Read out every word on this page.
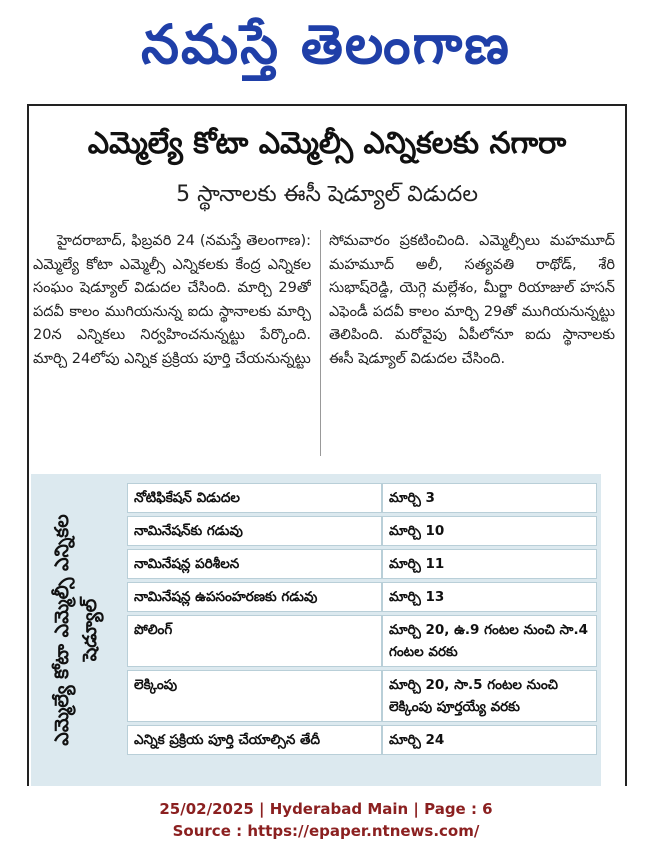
నమస్తే తెలంగాణ
ఎమ్మెల్యే కోటా ఎమ్మెల్సీ ఎన్నికలకు నగారా
5 స్థానాలకు ఈసీ షెడ్యూల్ విడుదల
హైదరాబాద్, ఫిబ్రవరి 24 (నమస్తే తెలంగాణ): ఎమ్మెల్యే కోటా ఎమ్మెల్సీ ఎన్నికలకు కేంద్ర ఎన్నికల సంఘం షెడ్యూల్ విడుదల చేసింది. మార్చి 29తో పదవీ కాలం ముగియనున్న ఐదు స్థానాలకు మార్చి 20న ఎన్నికలు నిర్వహించనున్నట్టు పేర్కొంది. మార్చి 24లోపు ఎన్నిక ప్రక్రియ పూర్తి చేయనున్నట్టు
సోమవారం ప్రకటించింది. ఎమ్మెల్సీలు మహమూద్ మహమూద్ అలీ, సత్యవతి రాథోడ్, శేరి సుభాష్‌రెడ్డి, యెగ్గె మల్లేశం, మీర్జా రియాజుల్ హసన్ ఎఫెండీ పదవీ కాలం మార్చి 29తో ముగియనున్నట్టు తెలిపింది. మరోవైపు ఏపీలోనూ ఐదు స్థానాలకు ఈసీ షెడ్యూల్ విడుదల చేసింది.
ఎమ్మెల్యే కోటా ఎమ్మెల్సీ ఎన్నికల షెడ్యూల్
నోటిఫికేషన్ విడుదల	మార్చి 3
నామినేషన్‌కు గడువు	మార్చి 10
నామినేషన్ల పరిశీలన	మార్చి 11
నామినేషన్ల ఉపసంహరణకు గడువు	మార్చి 13
పోలింగ్	మార్చి 20, ఉ.9 గంటల నుంచి సా.4 గంటల వరకు
లెక్కింపు	మార్చి 20, సా.5 గంటల నుంచి లెక్కింపు పూర్తయ్యే వరకు
ఎన్నిక ప్రక్రియ పూర్తి చేయాల్సిన తేదీ	మార్చి 24
25/02/2025 | Hyderabad Main | Page : 6
Source : https://epaper.ntnews.com/
